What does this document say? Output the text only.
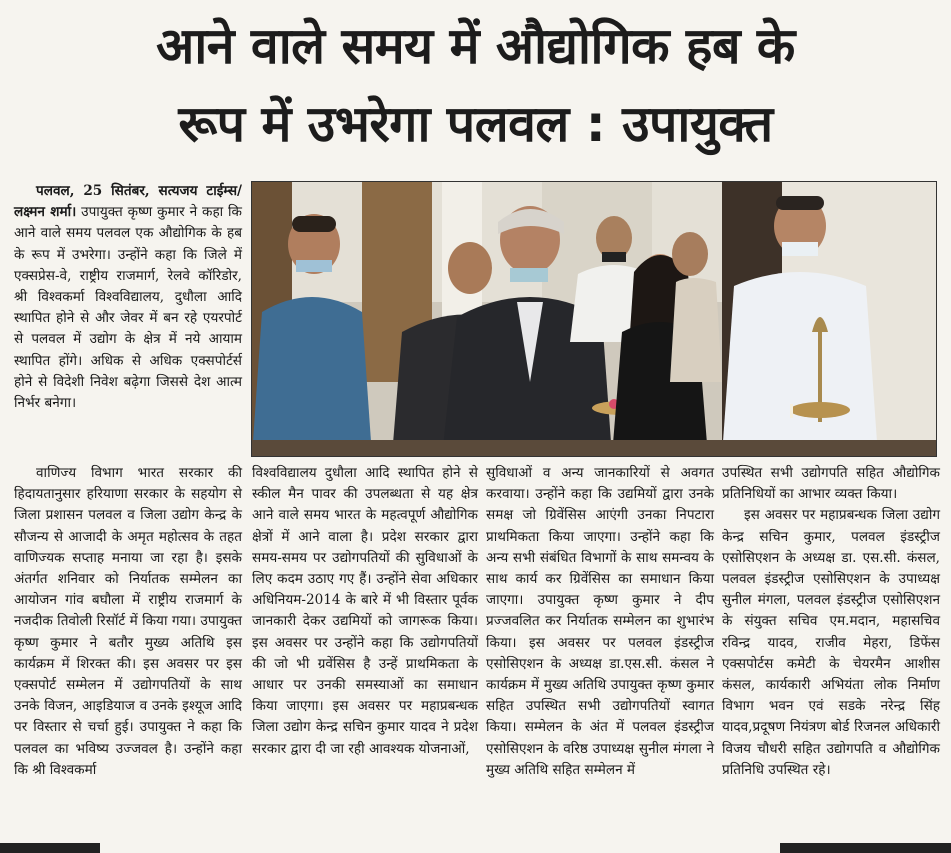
आने वाले समय में औद्योगिक हब के
रूप में उभरेगा पलवल : उपायुक्त

पलवल, 25 सितंबर, सत्यजय टाईम्स/लक्ष्मन शर्मा। उपायुक्त कृष्ण कुमार ने कहा कि आने वाले समय पलवल एक औद्योगिक के हब के रूप में उभरेगा। उन्होंने कहा कि जिले में एक्सप्रेस-वे, राष्ट्रीय राजमार्ग, रेलवे कॉरिडोर, श्री विश्वकर्मा विश्वविद्यालय, दुधौला आदि स्थापित होने से और जेवर में बन रहे एयरपोर्ट से पलवल में उद्योग के क्षेत्र में नये आयाम स्थापित होंगे। अधिक से अधिक एक्सपोर्टर्स होने से विदेशी निवेश बढ़ेगा जिससे देश आत्म निर्भर बनेगा।

वाणिज्य विभाग भारत सरकार की हिदायतानुसार हरियाणा सरकार के सहयोग से जिला प्रशासन पलवल व जिला उद्योग केन्द्र के सौजन्य से आजादी के अमृत महोत्सव के तहत वाणिज्यक सप्ताह मनाया जा रहा है। इसके अंतर्गत शनिवार को निर्यातक सम्मेलन का आयोजन गांव बघौला में राष्ट्रीय राजमार्ग के नजदीक तिवोली रिसॉर्ट में किया गया। उपायुक्त कृष्ण कुमार ने बतौर मुख्य अतिथि इस कार्यक्रम में शिरक्त की। इस अवसर पर इस एक्सपोर्ट सम्मेलन में उद्योगपतियों के साथ उनके विजन, आइडियाज व उनके इश्यूज आदि पर विस्तार से चर्चा हुई। उपायुक्त ने कहा कि पलवल का भविष्य उज्जवल है। उन्होंने कहा कि श्री विश्वकर्मा

विश्वविद्यालय दुधौला आदि स्थापित होने से स्कील मैन पावर की उपलब्धता से यह क्षेत्र आने वाले समय भारत के महत्वपूर्ण औद्योगिक क्षेत्रों में आने वाला है। प्रदेश सरकार द्वारा समय-समय पर उद्योगपतियों की सुविधाओं के लिए कदम उठाए गए हैं। उन्होंने सेवा अधिकार अधिनियम-2014 के बारे में भी विस्तार पूर्वक जानकारी देकर उद्यमियों को जागरूक किया। इस अवसर पर उन्होंने कहा कि उद्योगपतियों की जो भी ग्रवेंसिस है उन्हें प्राथमिकता के आधार पर उनकी समस्याओं का समाधान किया जाएगा। इस अवसर पर महाप्रबन्धक जिला उद्योग केन्द्र सचिन कुमार यादव ने प्रदेश सरकार द्वारा दी जा रही आवश्यक योजनाओं,

सुविधाओं व अन्य जानकारियों से अवगत करवाया। उन्होंने कहा कि उद्यमियों द्वारा उनके समक्ष जो ग्रिवेंसिस आएंगी उनका निपटारा प्राथमिकता किया जाएगा। उन्होंने कहा कि अन्य सभी संबंधित विभागों के साथ समन्वय के साथ कार्य कर ग्रिवेंसिस का समाधान किया जाएगा। उपायुक्त कृष्ण कुमार ने दीप प्रज्जवलित कर निर्यातक सम्मेलन का शुभारंभ किया। इस अवसर पर पलवल इंडस्ट्रीज एसोसिएशन के अध्यक्ष डा.एस.सी. कंसल ने कार्यक्रम में मुख्य अतिथि उपायुक्त कृष्ण कुमार सहित उपस्थित सभी उद्योगपतियों स्वागत किया। सम्मेलन के अंत में पलवल इंडस्ट्रीज एसोसिएशन के वरिष्ठ उपाध्यक्ष सुनील मंगला ने मुख्य अतिथि सहित सम्मेलन में

उपस्थित सभी उद्योगपति सहित औद्योगिक प्रतिनिधियों का आभार व्यक्त किया।

इस अवसर पर महाप्रबन्धक जिला उद्योग केन्द्र सचिन कुमार, पलवल इंडस्ट्रीज एसोसिएशन के अध्यक्ष डा. एस.सी. कंसल, पलवल इंडस्ट्रीज एसोसिएशन के उपाध्यक्ष सुनील मंगला, पलवल इंडस्ट्रीज एसोसिएशन के संयुक्त सचिव एम.मदान, महासचिव रविन्द्र यादव, राजीव मेहरा, डिफेंस एक्सपोर्टस कमेटी के चेयरमैन आशीस कंसल, कार्यकारी अभियंता लोक निर्माण विभाग भवन एवं सडके नरेन्द्र सिंह यादव,प्रदूषण नियंत्रण बोर्ड रिजनल अधिकारी विजय चौधरी सहित उद्योगपति व औद्योगिक प्रतिनिधि उपस्थित रहे।
